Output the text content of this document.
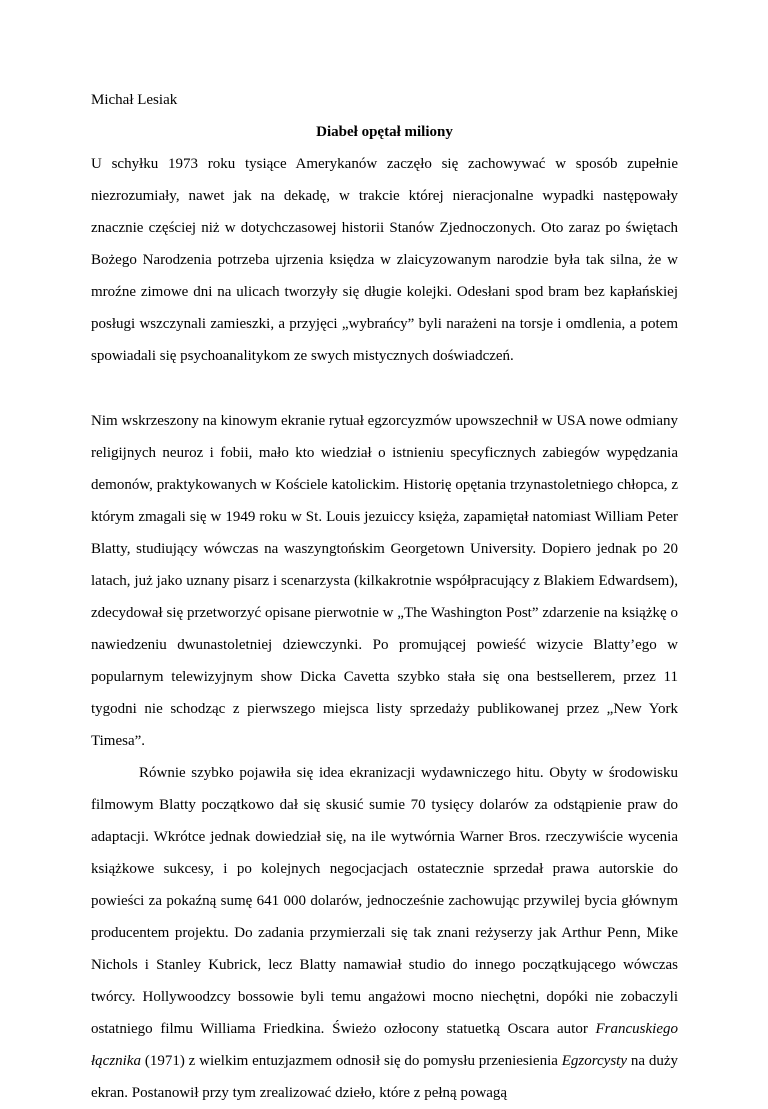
Michał Lesiak

Diabeł opętał miliony

U schyłku 1973 roku tysiące Amerykanów zaczęło się zachowywać w sposób zupełnie niezrozumiały, nawet jak na dekadę, w trakcie której nieracjonalne wypadki następowały znacznie częściej niż w dotychczasowej historii Stanów Zjednoczonych. Oto zaraz po świętach Bożego Narodzenia potrzeba ujrzenia księdza w zlaicyzowanym narodzie była tak silna, że w mroźne zimowe dni na ulicach tworzyły się długie kolejki. Odesłani spod bram bez kapłańskiej posługi wszczynali zamieszki, a przyjęci „wybrańcy” byli narażeni na torsje i omdlenia, a potem spowiadali się psychoanalitykom ze swych mistycznych doświadczeń.

Nim wskrzeszony na kinowym ekranie rytuał egzorcyzmów upowszechnił w USA nowe odmiany religijnych neuroz i fobii, mało kto wiedział o istnieniu specyficznych zabiegów wypędzania demonów, praktykowanych w Kościele katolickim. Historię opętania trzynastoletniego chłopca, z którym zmagali się w 1949 roku w St. Louis jezuiccy księża, zapamiętał natomiast William Peter Blatty, studiujący wówczas na waszyngtońskim Georgetown University. Dopiero jednak po 20 latach, już jako uznany pisarz i scenarzysta (kilkakrotnie współpracujący z Blakiem Edwardsem), zdecydował się przetworzyć opisane pierwotnie w „The Washington Post” zdarzenie na książkę o nawiedzeniu dwunastoletniej dziewczynki. Po promującej powieść wizycie Blatty’ego w popularnym telewizyjnym show Dicka Cavetta szybko stała się ona bestsellerem, przez 11 tygodni nie schodząc z pierwszego miejsca listy sprzedaży publikowanej przez „New York Timesa”.

Równie szybko pojawiła się idea ekranizacji wydawniczego hitu. Obyty w środowisku filmowym Blatty początkowo dał się skusić sumie 70 tysięcy dolarów za odstąpienie praw do adaptacji. Wkrótce jednak dowiedział się, na ile wytwórnia Warner Bros. rzeczywiście wycenia książkowe sukcesy, i po kolejnych negocjacjach ostatecznie sprzedał prawa autorskie do powieści za pokaźną sumę 641 000 dolarów, jednocześnie zachowując przywilej bycia głównym producentem projektu. Do zadania przymierzali się tak znani reżyserzy jak Arthur Penn, Mike Nichols i Stanley Kubrick, lecz Blatty namawiał studio do innego początkującego wówczas twórcy. Hollywoodzcy bossowie byli temu angażowi mocno niechętni, dopóki nie zobaczyli ostatniego filmu Williama Friedkina. Świeżo ozłocony statuetką Oscara autor Francuskiego łącznika (1971) z wielkim entuzjazmem odnosił się do pomysłu przeniesienia Egzorcysty na duży ekran. Postanowił przy tym zrealizować dzieło, które z pełną powagą
